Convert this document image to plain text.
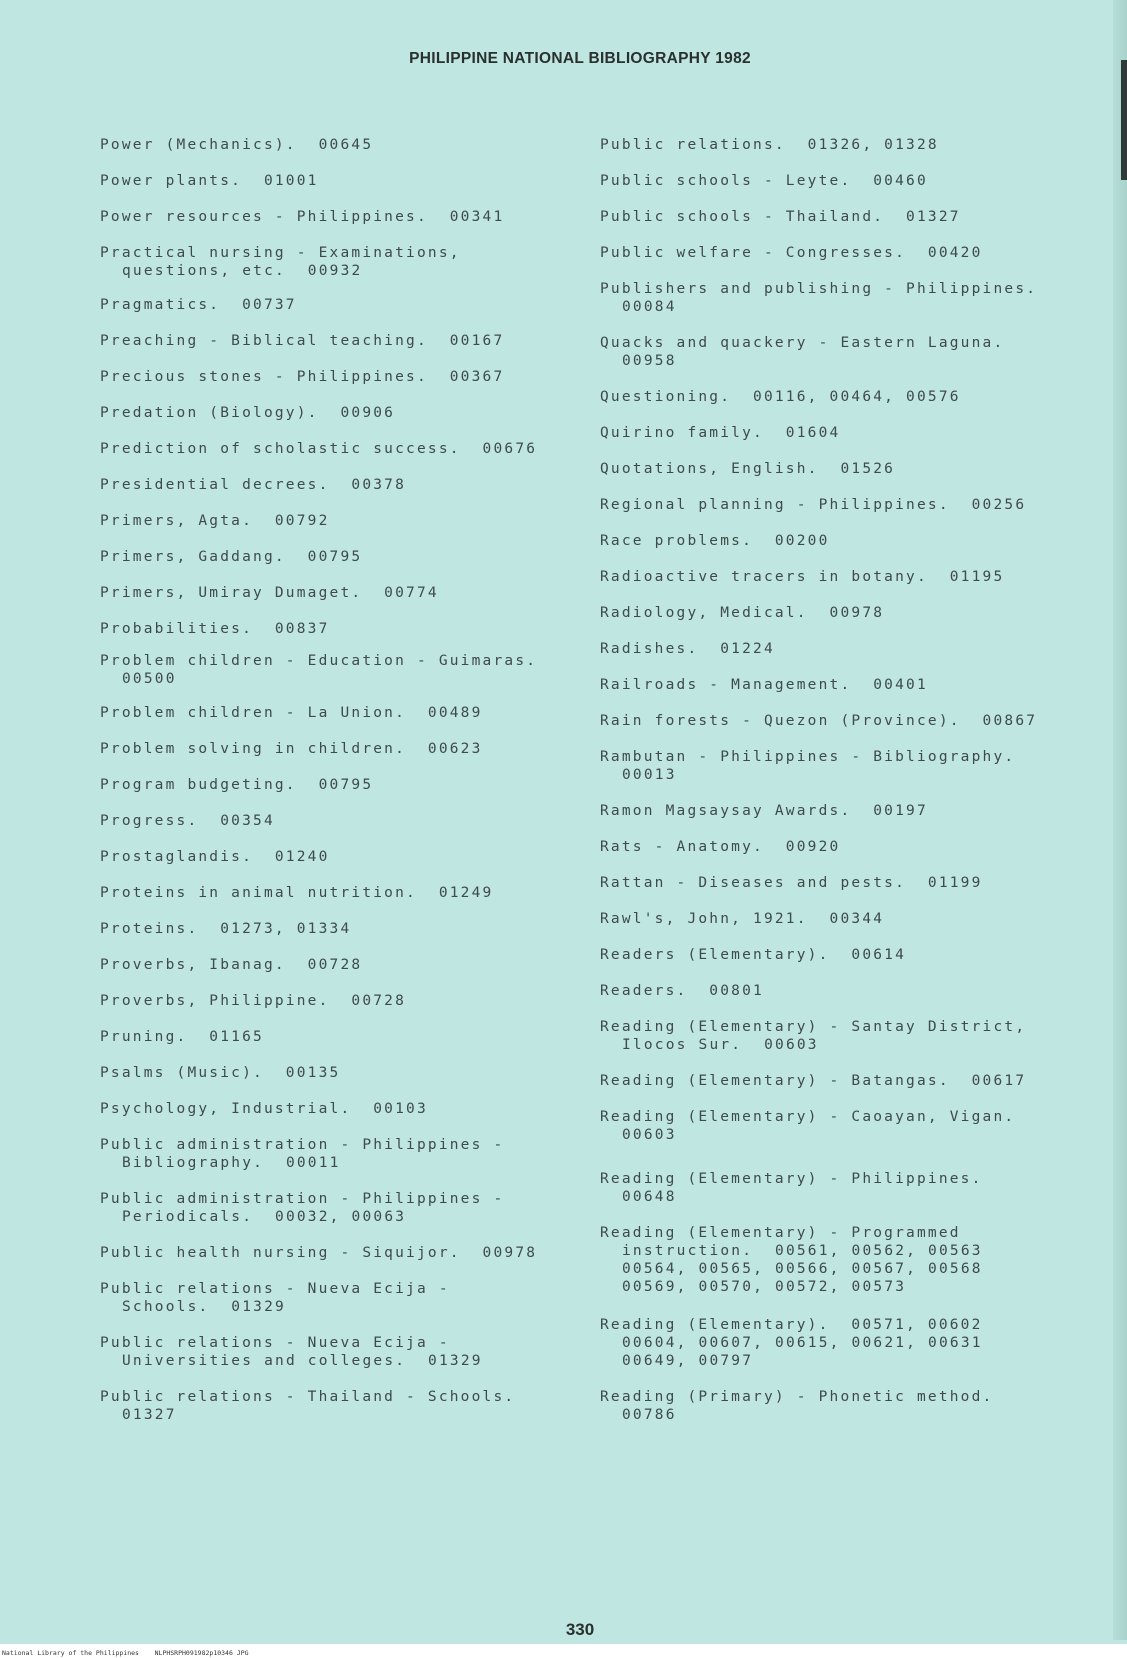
PHILIPPINE NATIONAL BIBLIOGRAPHY 1982
Power (Mechanics).  00645
Power plants.  01001
Power resources - Philippines.  00341
Practical nursing - Examinations,
questions, etc.  00932
Pragmatics.  00737
Preaching - Biblical teaching.  00167
Precious stones - Philippines.  00367
Predation (Biology).  00906
Prediction of scholastic success.  00676
Presidential decrees.  00378
Primers, Agta.  00792
Primers, Gaddang.  00795
Primers, Umiray Dumaget.  00774
Probabilities.  00837
Problem children - Education - Guimaras.
00500
Problem children - La Union.  00489
Problem solving in children.  00623
Program budgeting.  00795
Progress.  00354
Prostaglandis.  01240
Proteins in animal nutrition.  01249
Proteins.  01273, 01334
Proverbs, Ibanag.  00728
Proverbs, Philippine.  00728
Pruning.  01165
Psalms (Music).  00135
Psychology, Industrial.  00103
Public administration - Philippines -
Bibliography.  00011
Public administration - Philippines -
Periodicals.  00032, 00063
Public health nursing - Siquijor.  00978
Public relations - Nueva Ecija -
Schools.  01329
Public relations - Nueva Ecija -
Universities and colleges.  01329
Public relations - Thailand - Schools.
01327
Public relations.  01326, 01328
Public schools - Leyte.  00460
Public schools - Thailand.  01327
Public welfare - Congresses.  00420
Publishers and publishing - Philippines.
00084
Quacks and quackery - Eastern Laguna.
00958
Questioning.  00116, 00464, 00576
Quirino family.  01604
Quotations, English.  01526
Regional planning - Philippines.  00256
Race problems.  00200
Radioactive tracers in botany.  01195
Radiology, Medical.  00978
Radishes.  01224
Railroads - Management.  00401
Rain forests - Quezon (Province).  00867
Rambutan - Philippines - Bibliography.
00013
Ramon Magsaysay Awards.  00197
Rats - Anatomy.  00920
Rattan - Diseases and pests.  01199
Rawl's, John, 1921.  00344
Readers (Elementary).  00614
Readers.  00801
Reading (Elementary) - Santay District,
Ilocos Sur.  00603
Reading (Elementary) - Batangas.  00617
Reading (Elementary) - Caoayan, Vigan.
00603
Reading (Elementary) - Philippines.
00648
Reading (Elementary) - Programmed
instruction.  00561, 00562, 00563
00564, 00565, 00566, 00567, 00568
00569, 00570, 00572, 00573
Reading (Elementary).  00571, 00602
00604, 00607, 00615, 00621, 00631
00649, 00797
Reading (Primary) - Phonetic method.
00786
330
National Library of the Philippines    NLPHSRPH091982p10346 JPG
